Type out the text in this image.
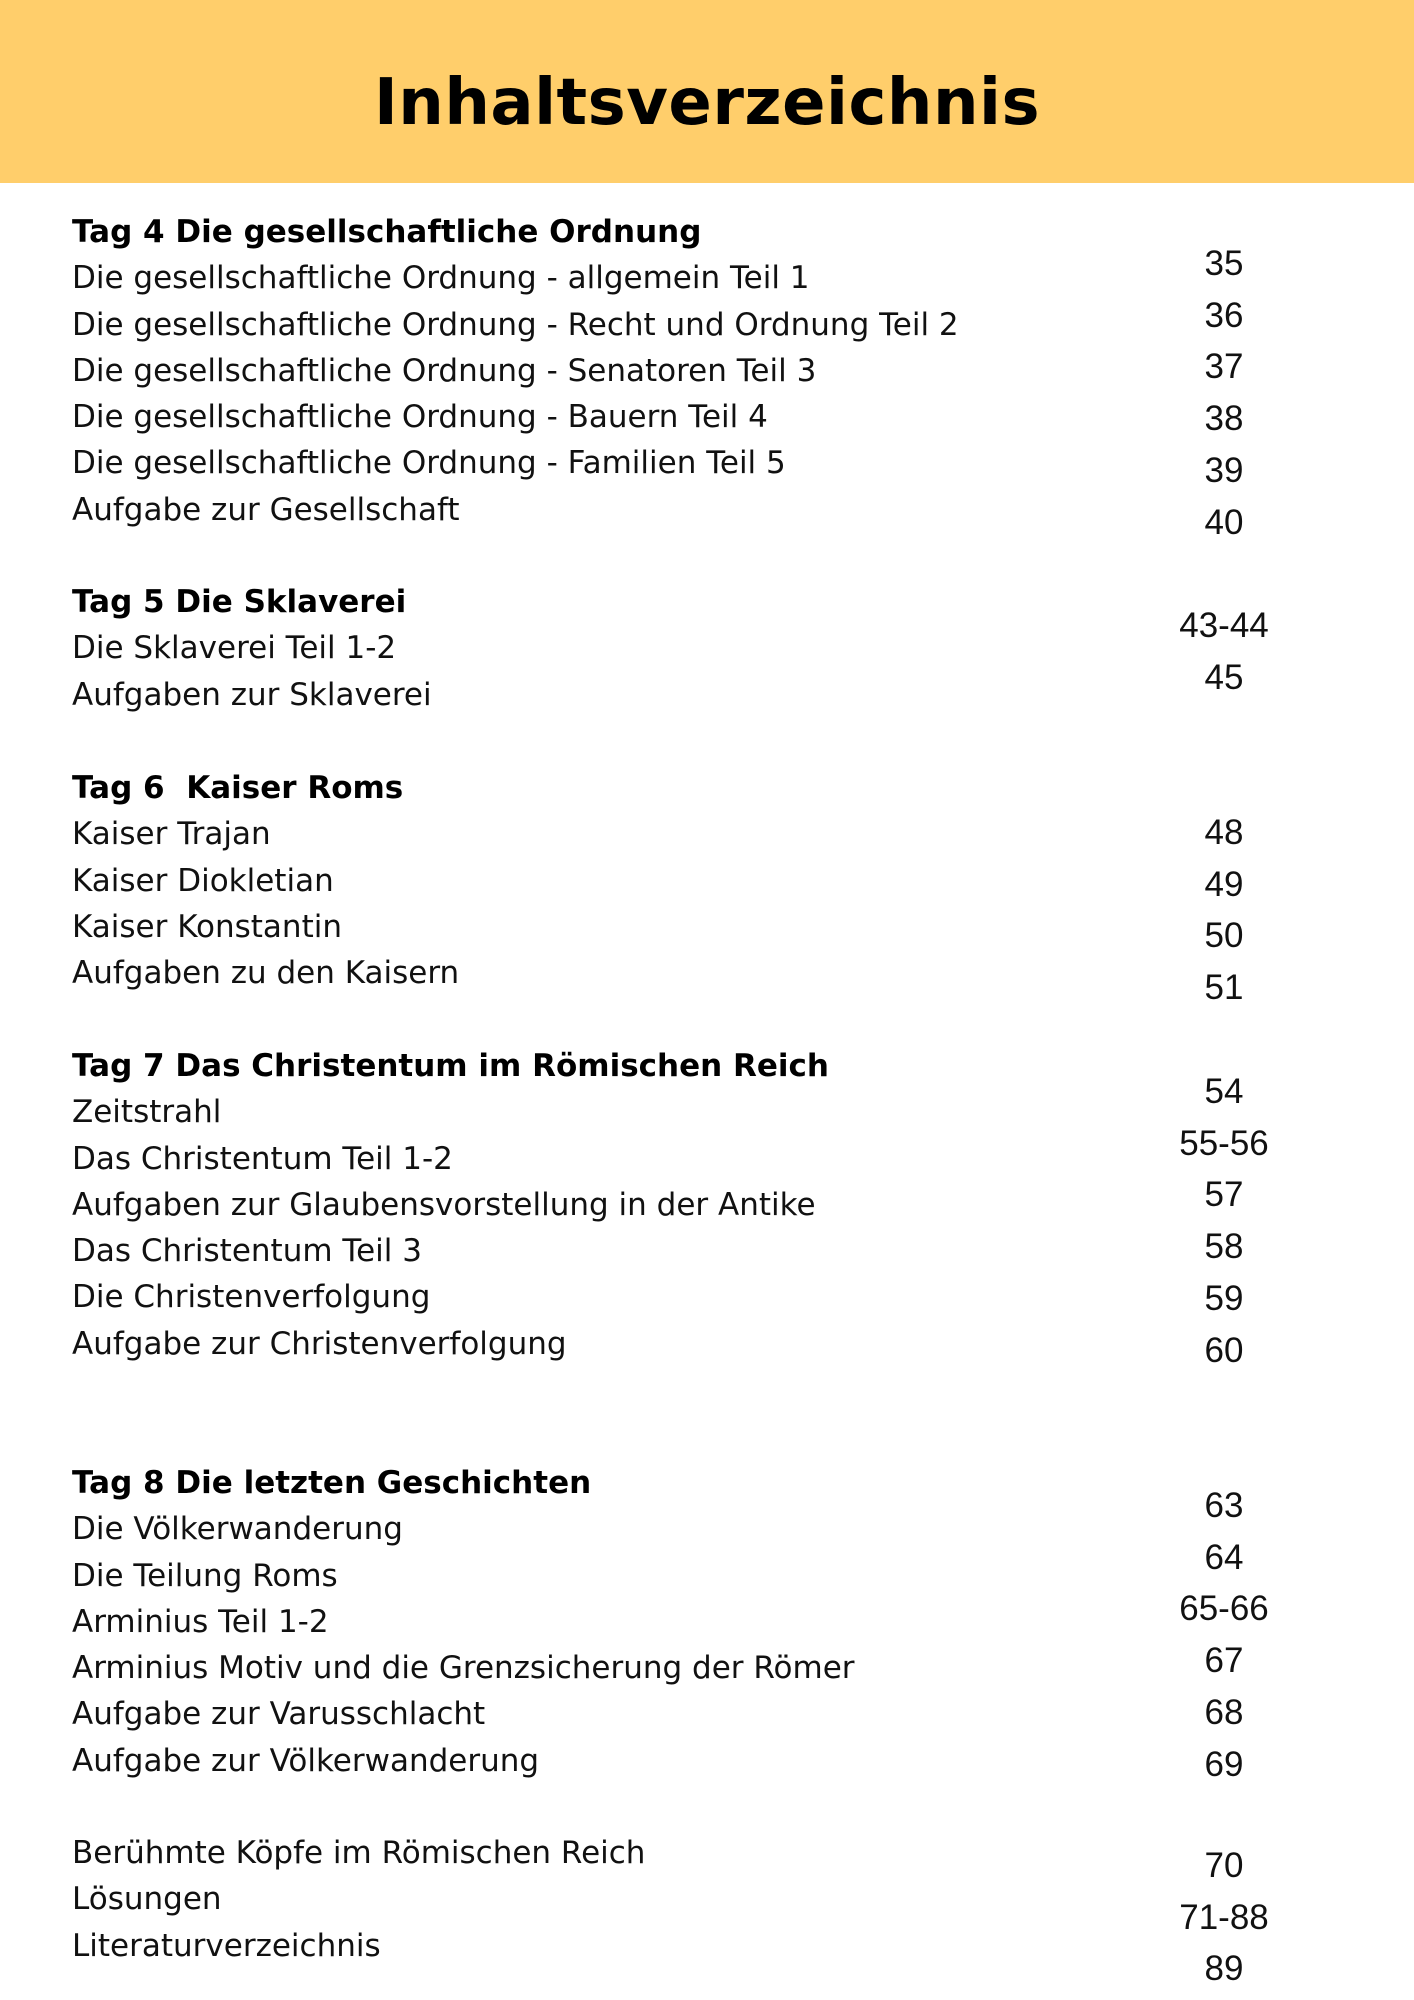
Inhaltsverzeichnis
Tag 4 Die gesellschaftliche Ordnung
Die gesellschaftliche Ordnung - allgemein Teil 1
Die gesellschaftliche Ordnung - Recht und Ordnung Teil 2
Die gesellschaftliche Ordnung - Senatoren Teil 3
Die gesellschaftliche Ordnung - Bauern Teil 4
Die gesellschaftliche Ordnung - Familien Teil 5
Aufgabe zur Gesellschaft
35
36
37
38
39
40
Tag 5 Die Sklaverei
Die Sklaverei Teil 1-2
Aufgaben zur Sklaverei
43-44
45
Tag 6  Kaiser Roms
Kaiser Trajan
Kaiser Diokletian
Kaiser Konstantin
Aufgaben zu den Kaisern
48
49
50
51
Tag 7 Das Christentum im Römischen Reich
Zeitstrahl
Das Christentum Teil 1-2
Aufgaben zur Glaubensvorstellung in der Antike
Das Christentum Teil 3
Die Christenverfolgung
Aufgabe zur Christenverfolgung
54
55-56
57
58
59
60
Tag 8 Die letzten Geschichten
Die Völkerwanderung
Die Teilung Roms
Arminius Teil 1-2
Arminius Motiv und die Grenzsicherung der Römer
Aufgabe zur Varusschlacht
Aufgabe zur Völkerwanderung
63
64
65-66
67
68
69
Berühmte Köpfe im Römischen Reich
Lösungen
Literaturverzeichnis
70
71-88
89
